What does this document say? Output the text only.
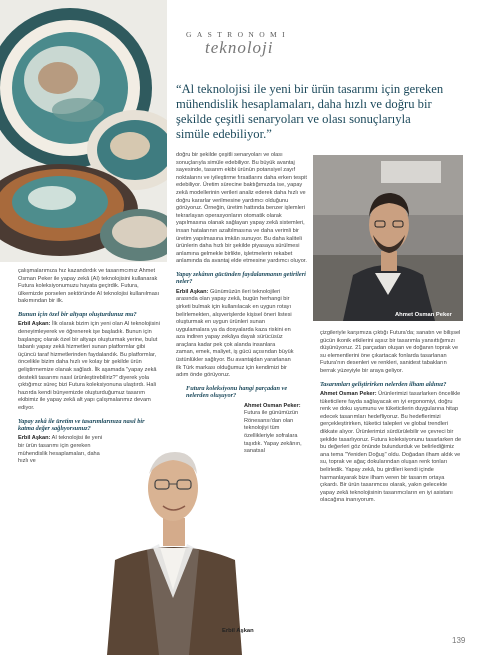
GASTRONOMI
teknoloji
“Al teknolojisi ile yeni bir ürün tasarımı için gereken mühendislik hesaplamaları, daha hızlı ve doğru bir şekilde çeşitli senaryoları ve olası sonuçlarıyla simüle edebiliyor.”

çalışmalarımıza hız kazandırdık ve tasarımcımız Ahmet Osman Peker ile yapay zekâ (AI) teknolojisini kullanarak Futura koleksiyonumuzu hayata geçirdik. Futura, ülkemizde porselen sektöründe AI teknolojisi kullanılması bakımından bir ilk.

Bunun için özel bir altyapı oluşturdunuz mu?

Erbil Aşkan: İlk olarak bizim için yeni olan AI teknolojisini deneyimleyerek ve öğrenerek işe başladık. Bunun için başlangıç olarak özel bir altyapı oluşturmak yerine, bulut tabanlı yapay zekâ hizmetleri sunan platformlar gibi üçüncü taraf hizmetlerinden faydalandık. Bu platformlar, öncelikle bizim daha hızlı ve kolay bir şekilde ürün geliştirmemize olanak sağladı. İlk aşamada "yapay zekâ destekli tasarımı nasıl ürünleştirebiliriz?" diyerek yola çıktığımız süreç bizi Futura koleksiyonuna ulaştırdı. Hali hazırda kendi bünyemizde oluşturduğumuz tasarım ekibimiz ile yapay zekâ alt yapı çalışmalarımız devam ediyor.

Yapay zekâ ile üretim ve tasarımlarınıza nasıl bir katma değer sağlıyorsunuz?

Erbil Aşkan: AI teknolojisi ile yeni bir ürün tasarımı için gereken mühendislik hesaplamaları, daha hızlı ve

doğru bir şekilde çeşitli senaryoları ve olası sonuçlarıyla simüle edebiliyor. Bu büyük avantaj sayesinde, tasarım ekibi ürünün potansiyel zayıf noktalarını ve iyileştirme fırsatlarını daha erken tespit edebiliyor. Üretim sürecine baktığımızda ise, yapay zekâ modellerinin verileri analiz ederek daha hızlı ve doğru kararlar verilmesine yardımcı olduğunu görüyoruz. Örneğin, üretim hattında benzer işlemleri tekrarlayan operasyonların otomatik olarak yapılmasına olanak sağlayan yapay zekâ sistemleri, insan hatalarının azaltılmasına ve daha verimli bir üretim yapılmasına imkân sunuyor. Bu daha kaliteli ürünlerin daha hızlı bir şekilde piyasaya sürülmesi anlamına gelmekle birlikte, işletmelerin rekabet anlamında da avantaj elde etmesine yardımcı oluyor.

Yapay zekânın gücünden faydalanmanın getirileri neler?

Erbil Aşkan: Günümüzün ileri teknolojileri arasında olan yapay zekâ, bugün herhangi bir şirketi bulmak için kullanılacak en uygun rotayı belirlemekten, alışverişlerde kişisel öneri listesi oluşturmak en uygun ürünleri sunan uygulamalara ya da dosyalarda kaza riskini en aza indiren yapay zekâya dayalı sürücüsüz araçlara kadar pek çok alanda insanlara zaman, emek, maliyet, iş gücü açısından büyük üstünlükler sağlıyor. Bu avantajdan yararlanan ilk Türk markası olduğumuz için kendimizi bir adım önde görüyoruz.

Futura koleksiyonu hangi parçadan ve nelerden oluşuyor?

Ahmet Osman Peker: Futura ile günümüzün Rönesansı'dan olan teknolojiyi tüm özellikleriyle sofralara taşıdık. Yapay zekânın, sanatsal

Ahmet Osman Peker

çizgileriyle karşımıza çıktığı Futura'da; sanatın ve bilişsel gücün ikonik etkilerini aşsız bir tasarımla yansıttığımızı düşünüyoruz. 21 parçadan oluşan ve doğanın toprak ve su elementlerini öne çıkartacak fonlarda tasarlanan Futura'nın desenleri ve renkleri, sanidest tabakların berrak yüzeyiyle bir araya geliyor.

Tasarımları geliştirirken nelerden ilham aldınız?

Ahmet Osman Peker: Ürünlerimizi tasarlarken öncelikle tüketicilere fayda sağlayacak en iyi ergonomiyi, doğru renk ve doku uyumunu ve tüketicilerin duygularına hitap edecek tasarımları hedefliyoruz. Bu hedeflerimizi gerçekleştirirken, tüketici talepleri ve global trendleri dikkate alıyor. Ürünlerimizi sürdürülebilir ve çevreci bir şekilde tasarlıyoruz. Futura koleksiyonunu tasarlarken de bu değerleri göz önünde bulundurduk ve belirlediğimiz ana tema "Yeniden Doğuş" oldu. Doğadan ilham aldık ve su, toprak ve ağaç dokularından oluşan renk tonları belirledik. Yapay zekâ, bu girdileri kendi içinde harmanlayarak bize ilham veren bir tasarım ortaya çıkardı. Bir ürün tasarımcısı olarak, yakın gelecekte yapay zekâ teknolojisinin tasarımcıların en iyi asistanı olacağına inanıyorum.

Erbil Aşkan
139
